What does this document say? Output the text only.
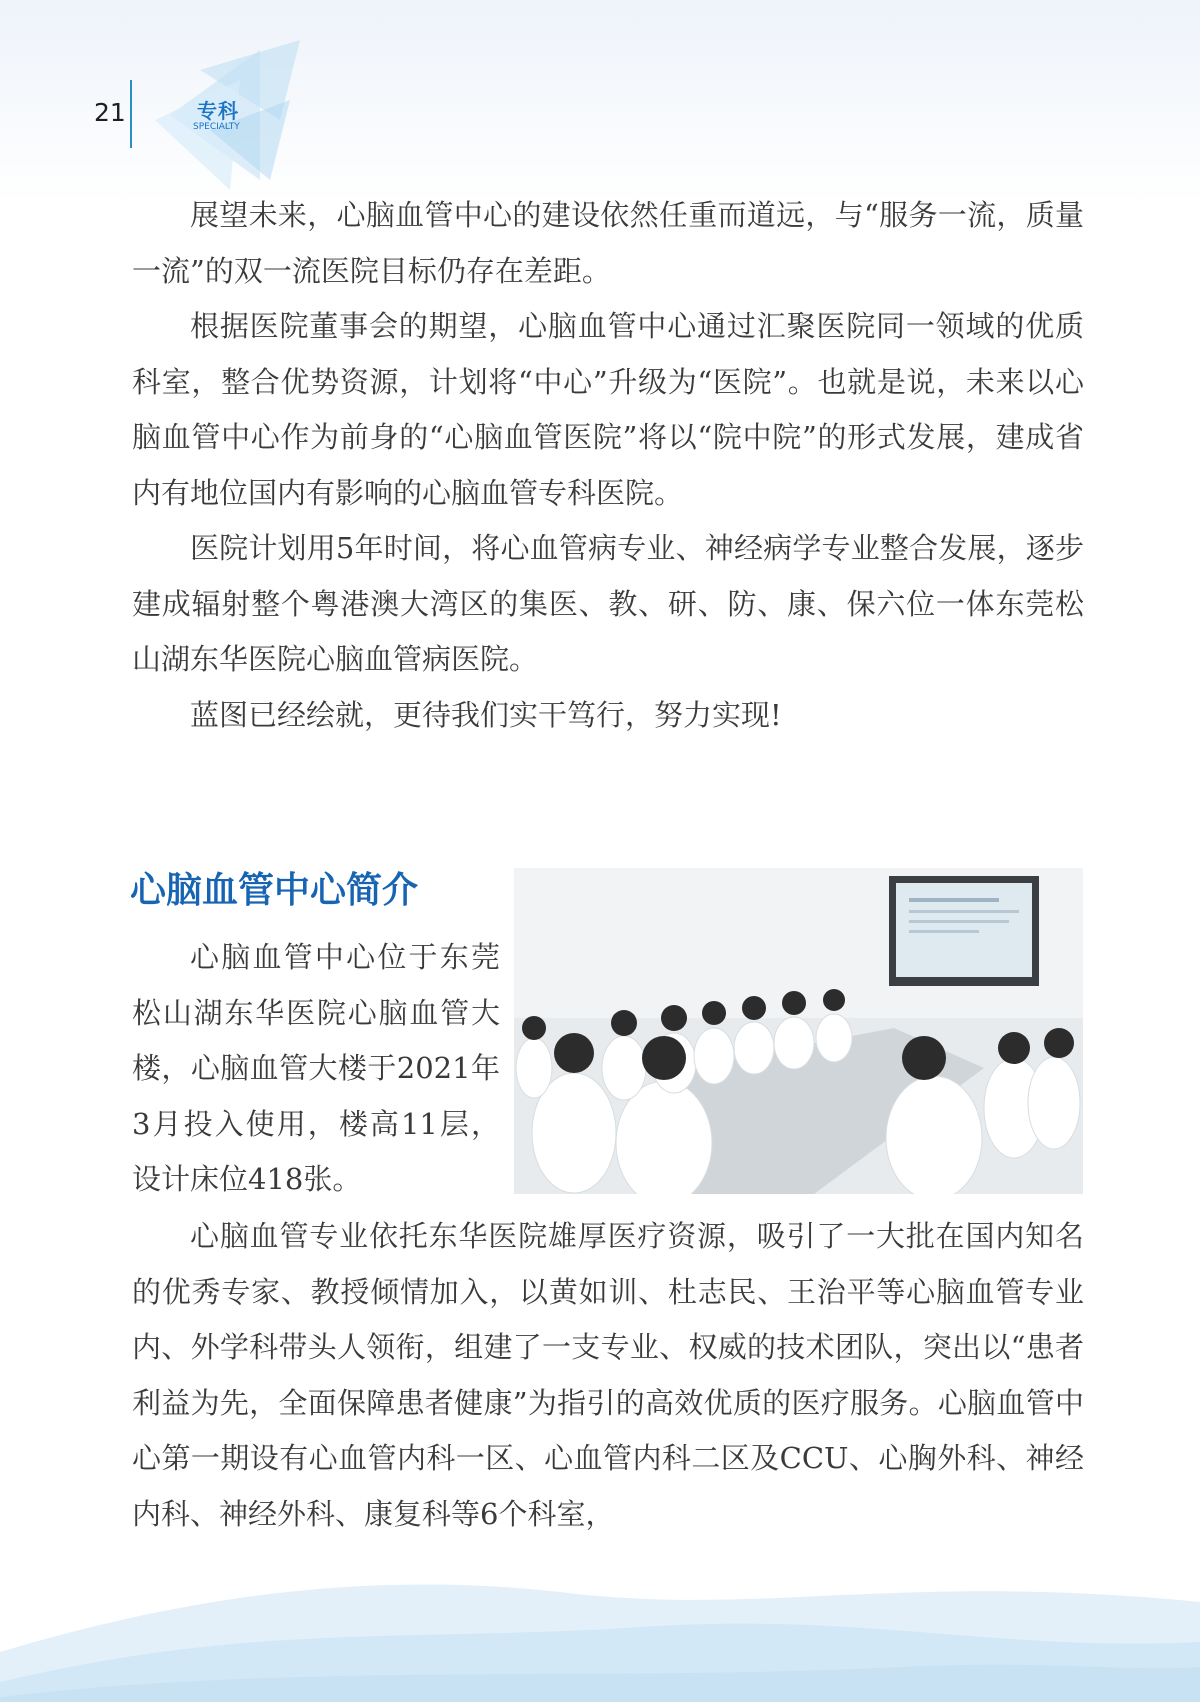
21	专科
SPECIALTY

展望未来，心脑血管中心的建设依然任重而道远，与“服务一流，质量一流”的双一流医院目标仍存在差距。

根据医院董事会的期望，心脑血管中心通过汇聚医院同一领域的优质科室，整合优势资源，计划将“中心”升级为“医院”。也就是说，未来以心脑血管中心作为前身的“心脑血管医院”将以“院中院”的形式发展，建成省内有地位国内有影响的心脑血管专科医院。

医院计划用5年时间，将心血管病专业、神经病学专业整合发展，逐步建成辐射整个粤港澳大湾区的集医、教、研、防、康、保六位一体东莞松山湖东华医院心脑血管病医院。

蓝图已经绘就，更待我们实干笃行，努力实现!

心脑血管中心简介

心脑血管中心位于东莞松山湖东华医院心脑血管大楼，心脑血管大楼于2021年3月投入使用，楼高11层，设计床位418张。

心脑血管专业依托东华医院雄厚医疗资源，吸引了一大批在国内知名的优秀专家、教授倾情加入，以黄如训、杜志民、王治平等心脑血管专业内、外学科带头人领衔，组建了一支专业、权威的技术团队，突出以“患者利益为先，全面保障患者健康”为指引的高效优质的医疗服务。心脑血管中心第一期设有心血管内科一区、心血管内科二区及CCU、心胸外科、神经内科、神经外科、康复科等6个科室，
